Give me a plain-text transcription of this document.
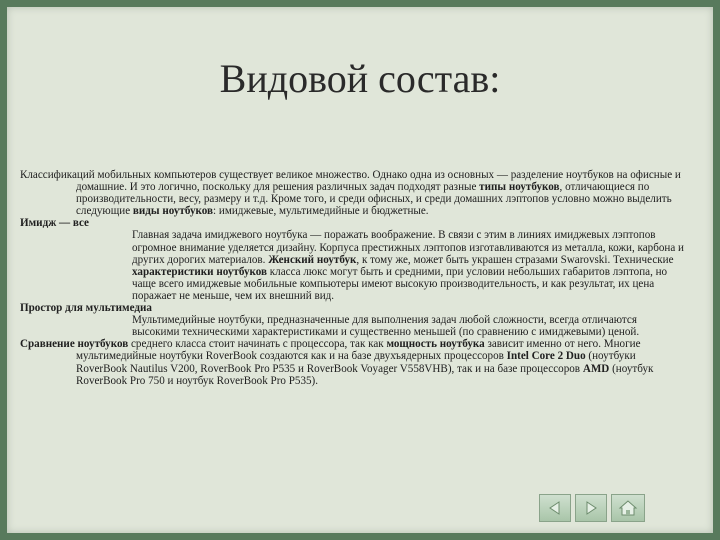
Видовой состав:

Классификаций мобильных компьютеров существует великое множество. Однако одна из основных — разделение ноутбуков на офисные и домашние. И это логично, поскольку для решения различных задач подходят разные типы ноутбуков, отличающиеся по производительности, весу, размеру и т.д. Кроме того, и среди офисных, и среди домашних лэптопов условно можно выделить следующие виды ноутбуков: имиджевые, мультимедийные и бюджетные.

Имидж — все
Главная задача имиджевого ноутбука — поражать воображение. В связи с этим в линиях имиджевых лэптопов огромное внимание уделяется дизайну. Корпуса престижных лэптопов изготавливаются из металла, кожи, карбона и других дорогих материалов. Женский ноутбук, к тому же, может быть украшен стразами Swarovski. Технические характеристики ноутбуков класса люкс могут быть и средними, при условии небольших габаритов лэптопа, но чаще всего имиджевые мобильные компьютеры имеют высокую производительность, и как результат, их цена поражает не меньше, чем их внешний вид.

Простор для мультимедиа
Мультимедийные ноутбуки, предназначенные для выполнения задач любой сложности, всегда отличаются высокими техническими характеристиками и существенно меньшей (по сравнению с имиджевыми) ценой.

Сравнение ноутбуков среднего класса стоит начинать с процессора, так как мощность ноутбука зависит именно от него. Многие мультимедийные ноутбуки RoverBook создаются как и на базе двухъядерных процессоров Intel Core 2 Duo (ноутбуки RoverBook Nautilus V200, RoverBook Pro P535 и RoverBook Voyager V558VHB), так и на базе процессоров AMD (ноутбук RoverBook Pro 750 и ноутбук RoverBook Pro P535).
